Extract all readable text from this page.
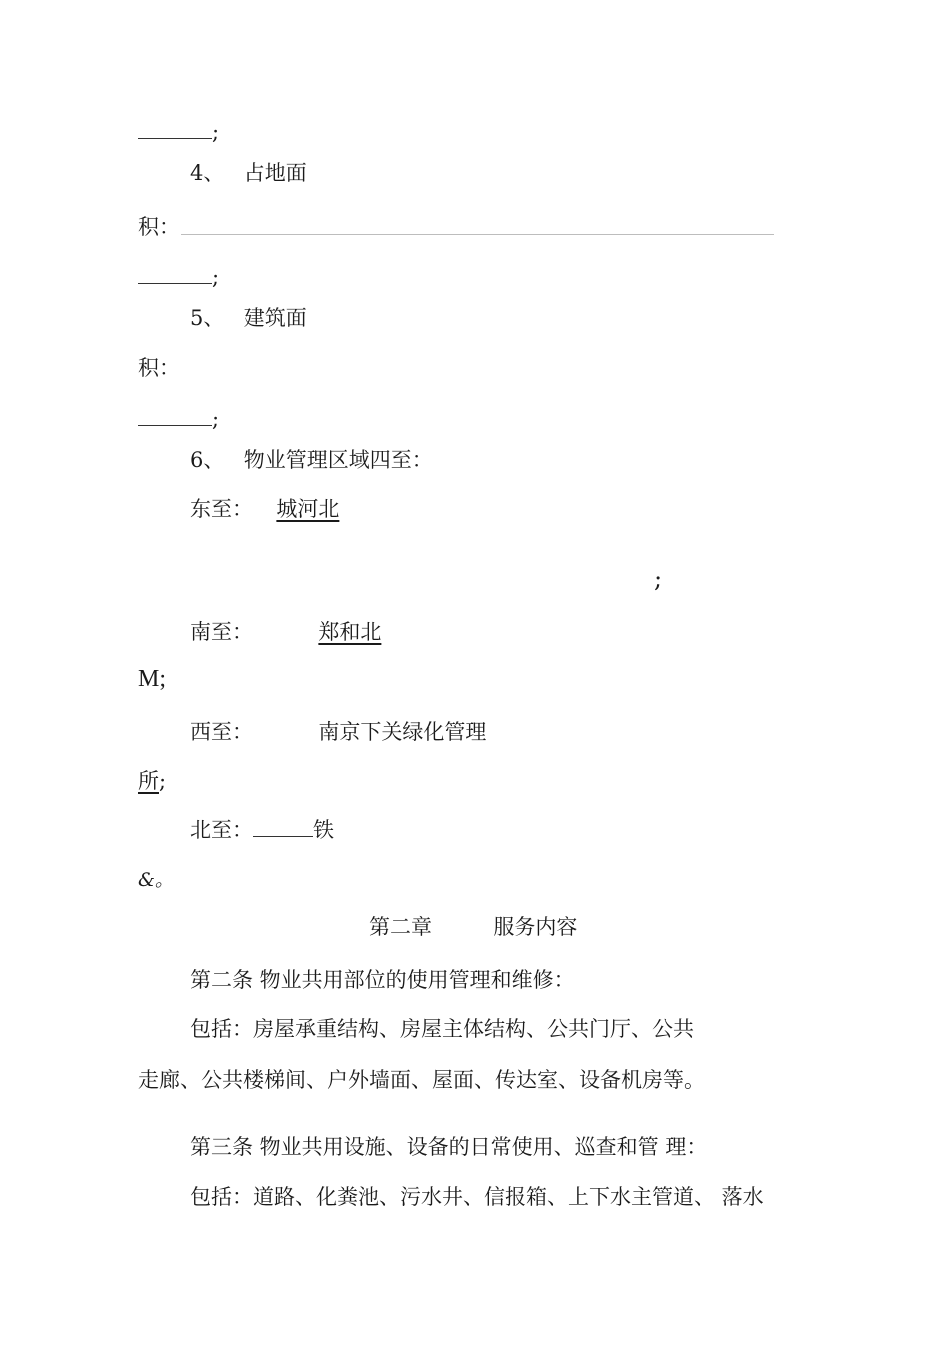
;
4、 占地面
积：
;
5、 建筑面
积：
;
6、 物业管理区域四至：
东至： 城河北
;
南至：	郑和北
M;
西至：	南京下关绿化管理
所;
北至：	铁
&。
第二章	服务内容
第二条 物业共用部位的使用管理和维修：
包括：房屋承重结构、房屋主体结构、公共门厅、公共
走廊、公共楼梯间、户外墙面、屋面、传达室、设备机房等。
第三条 物业共用设施、设备的日常使用、巡查和管 理：
包括：道路、化粪池、污水井、信报箱、上下水主管道、 落水
